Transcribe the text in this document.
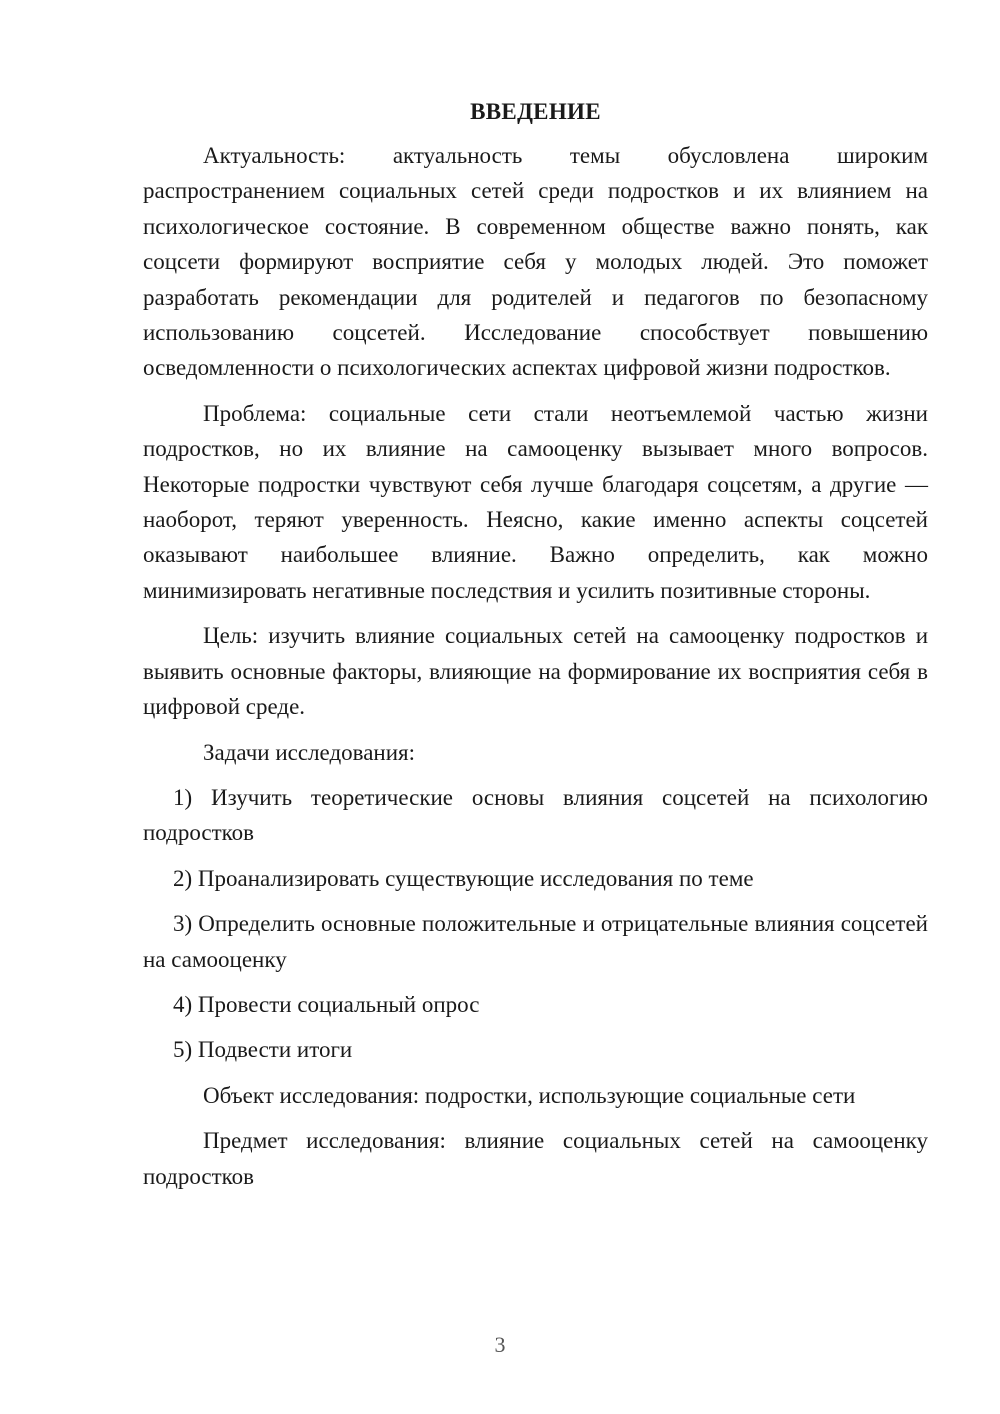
ВВЕДЕНИЕ

Актуальность: актуальность темы обусловлена широким распространением социальных сетей среди подростков и их влиянием на психологическое состояние. В современном обществе важно понять, как соцсети формируют восприятие себя у молодых людей. Это поможет разработать рекомендации для родителей и педагогов по безопасному использованию соцсетей. Исследование способствует повышению осведомленности о психологических аспектах цифровой жизни подростков.

Проблема: социальные сети стали неотъемлемой частью жизни подростков, но их влияние на самооценку вызывает много вопросов. Некоторые подростки чувствуют себя лучше благодаря соцсетям, а другие — наоборот, теряют уверенность. Неясно, какие именно аспекты соцсетей оказывают наибольшее влияние. Важно определить, как можно минимизировать негативные последствия и усилить позитивные стороны.

Цель: изучить влияние социальных сетей на самооценку подростков и выявить основные факторы, влияющие на формирование их восприятия себя в цифровой среде.

Задачи исследования:

1) Изучить теоретические основы влияния соцсетей на психологию подростков

2) Проанализировать существующие исследования по теме

3) Определить основные положительные и отрицательные влияния соцсетей на самооценку

4) Провести социальный опрос

5) Подвести итоги

Объект исследования: подростки, использующие социальные сети

Предмет исследования: влияние социальных сетей на самооценку подростков

3
